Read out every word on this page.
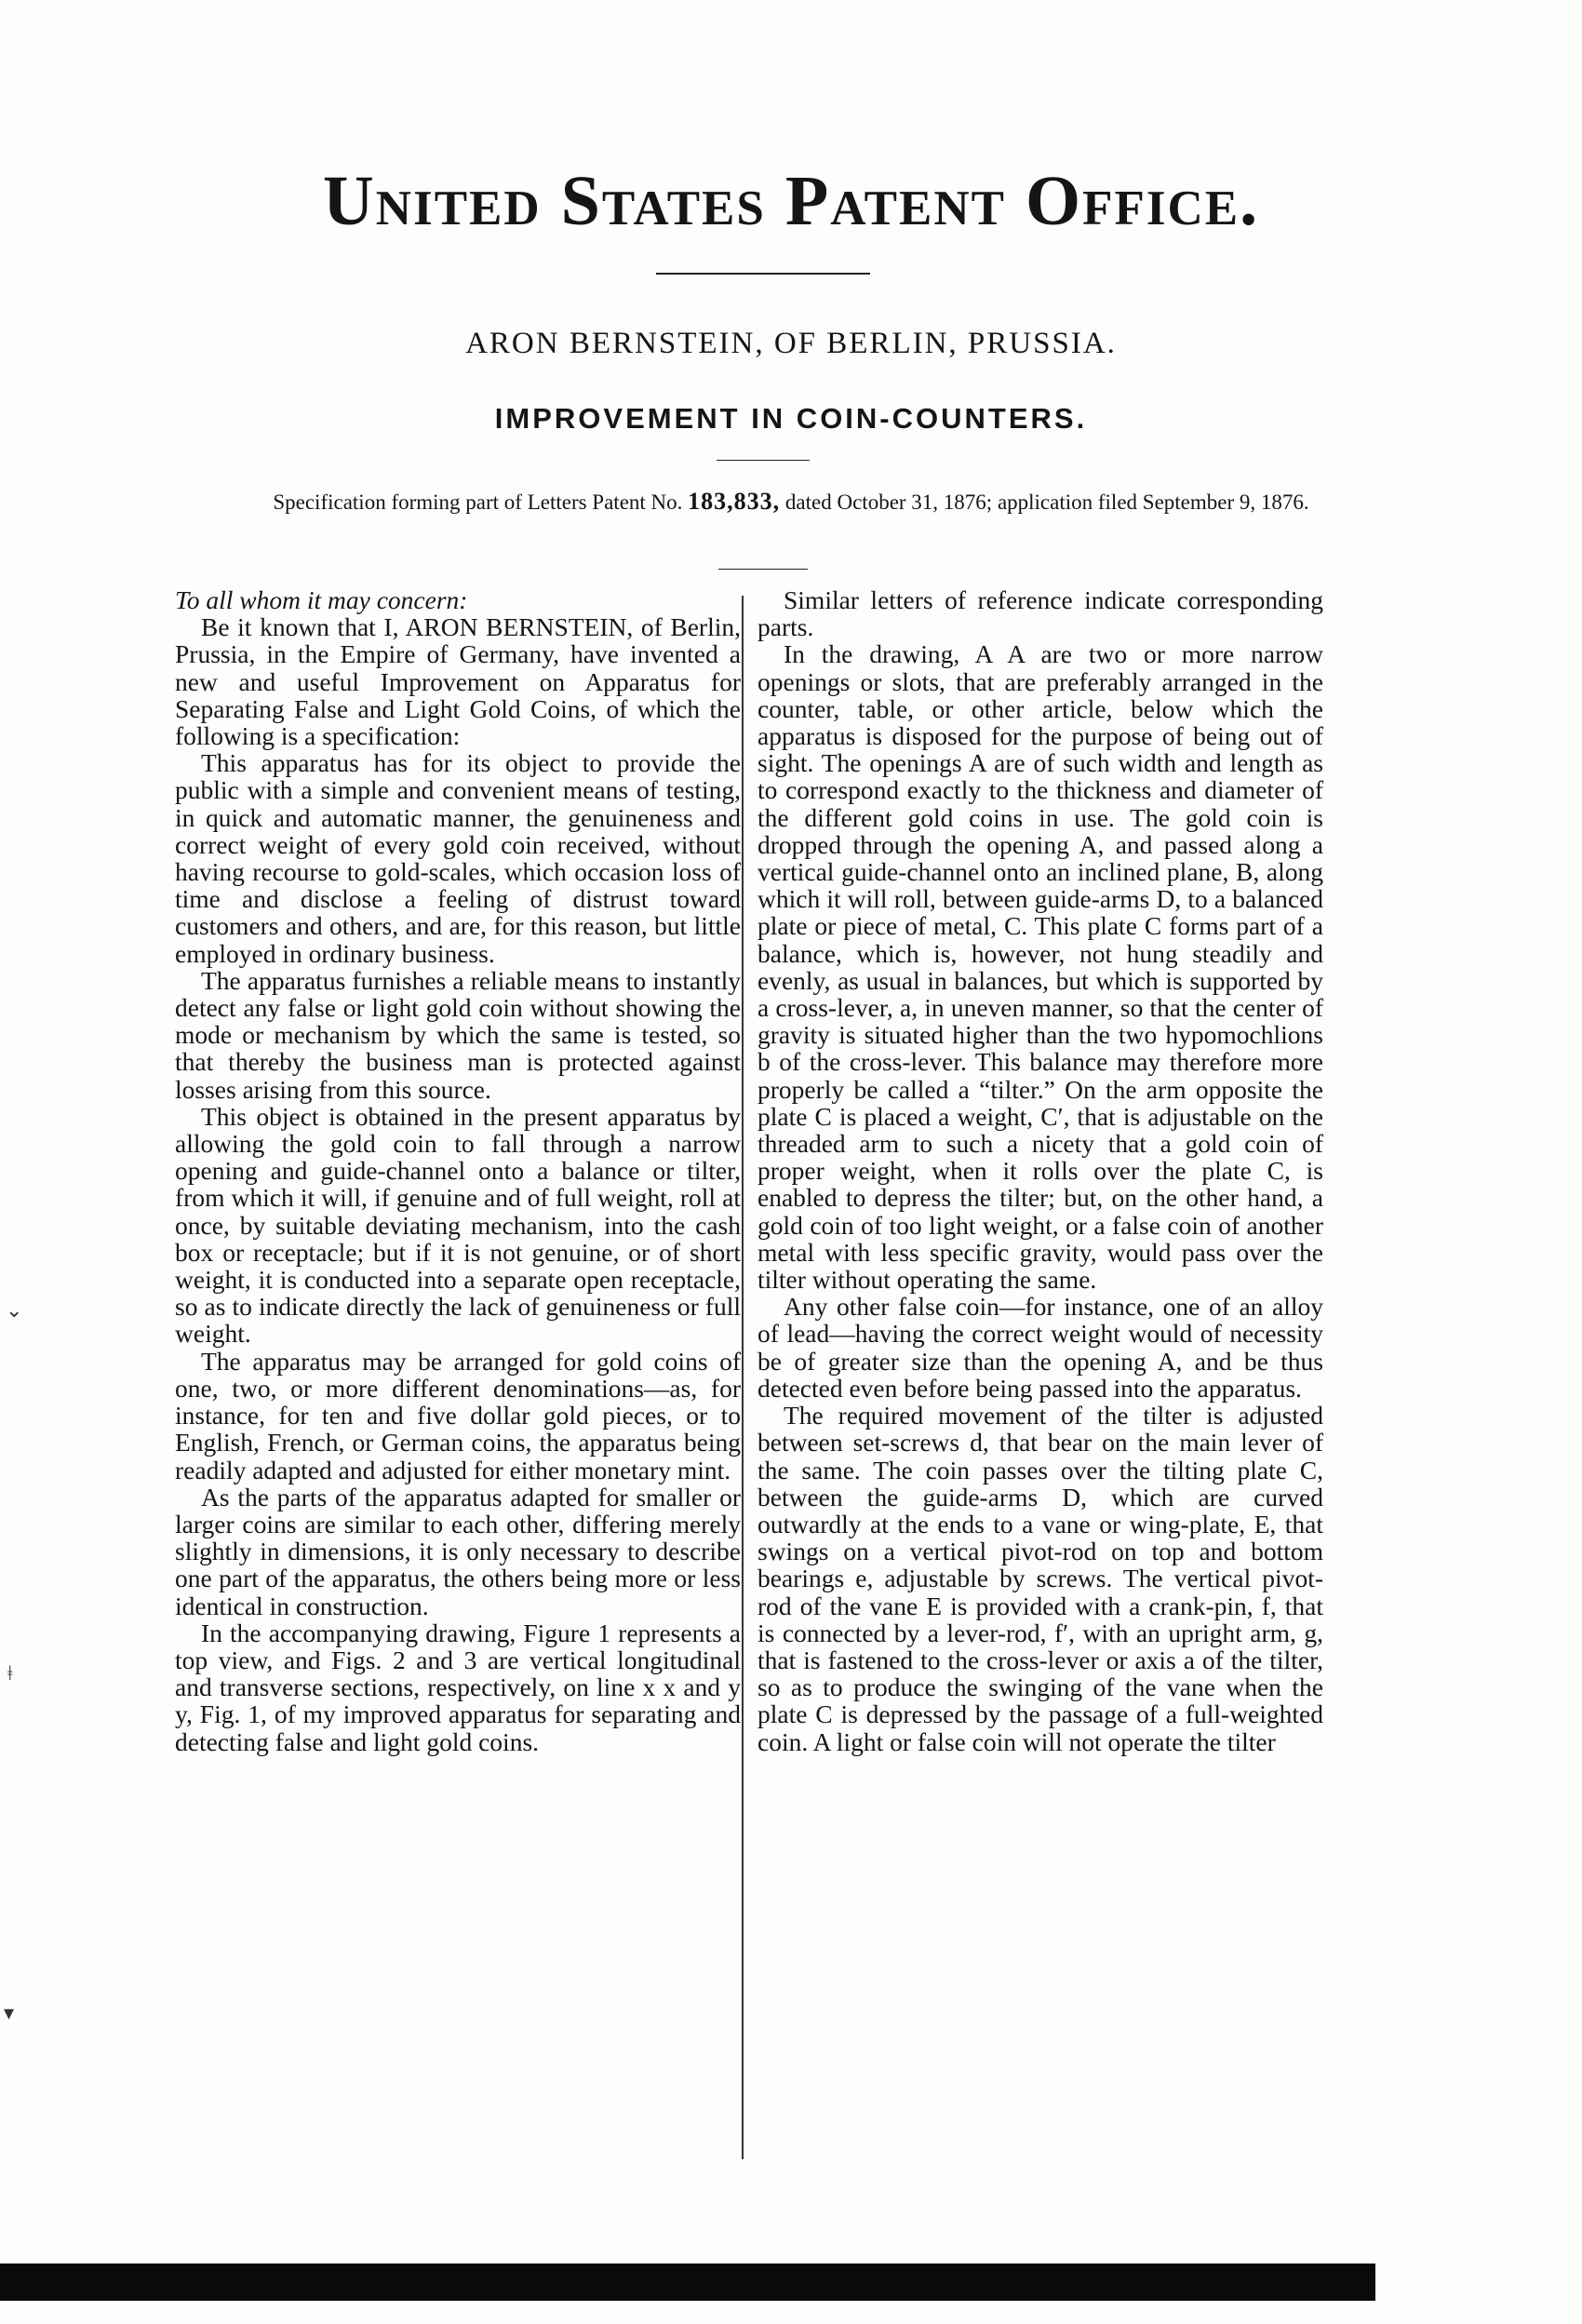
United States Patent Office.
ARON BERNSTEIN, OF BERLIN, PRUSSIA.
IMPROVEMENT IN COIN-COUNTERS.
Specification forming part of Letters Patent No. 183,833, dated October 31, 1876; application filed September 9, 1876.

To all whom it may concern:

Be it known that I, ARON BERNSTEIN, of Berlin, Prussia, in the Empire of Germany, have invented a new and useful Improvement on Apparatus for Separating False and Light Gold Coins, of which the following is a specification:

This apparatus has for its object to provide the public with a simple and convenient means of testing, in quick and automatic manner, the genuineness and correct weight of every gold coin received, without having recourse to gold-scales, which occasion loss of time and disclose a feeling of distrust toward customers and others, and are, for this reason, but little employed in ordinary business.

The apparatus furnishes a reliable means to instantly detect any false or light gold coin without showing the mode or mechanism by which the same is tested, so that thereby the business man is protected against losses arising from this source.

This object is obtained in the present apparatus by allowing the gold coin to fall through a narrow opening and guide-channel onto a balance or tilter, from which it will, if genuine and of full weight, roll at once, by suitable deviating mechanism, into the cash box or receptacle; but if it is not genuine, or of short weight, it is conducted into a separate open receptacle, so as to indicate directly the lack of genuineness or full weight.

The apparatus may be arranged for gold coins of one, two, or more different denominations—as, for instance, for ten and five dollar gold pieces, or to English, French, or German coins, the apparatus being readily adapted and adjusted for either monetary mint.

As the parts of the apparatus adapted for smaller or larger coins are similar to each other, differing merely slightly in dimensions, it is only necessary to describe one part of the apparatus, the others being more or less identical in construction.

In the accompanying drawing, Figure 1 represents a top view, and Figs. 2 and 3 are vertical longitudinal and transverse sections, respectively, on line x x and y y, Fig. 1, of my improved apparatus for separating and detecting false and light gold coins.

Similar letters of reference indicate corresponding parts.

In the drawing, A A are two or more narrow openings or slots, that are preferably arranged in the counter, table, or other article, below which the apparatus is disposed for the purpose of being out of sight. The openings A are of such width and length as to correspond exactly to the thickness and diameter of the different gold coins in use. The gold coin is dropped through the opening A, and passed along a vertical guide-channel onto an inclined plane, B, along which it will roll, between guide-arms D, to a balanced plate or piece of metal, C. This plate C forms part of a balance, which is, however, not hung steadily and evenly, as usual in balances, but which is supported by a cross-lever, a, in uneven manner, so that the center of gravity is situated higher than the two hypomochlions b of the cross-lever. This balance may therefore more properly be called a “tilter.” On the arm opposite the plate C is placed a weight, C′, that is adjustable on the threaded arm to such a nicety that a gold coin of proper weight, when it rolls over the plate C, is enabled to depress the tilter; but, on the other hand, a gold coin of too light weight, or a false coin of another metal with less specific gravity, would pass over the tilter without operating the same.

Any other false coin—for instance, one of an alloy of lead—having the correct weight would of necessity be of greater size than the opening A, and be thus detected even before being passed into the apparatus.

The required movement of the tilter is adjusted between set-screws d, that bear on the main lever of the same. The coin passes over the tilting plate C, between the guide-arms D, which are curved outwardly at the ends to a vane or wing-plate, E, that swings on a vertical pivot-rod on top and bottom bearings e, adjustable by screws. The vertical pivot-rod of the vane E is provided with a crank-pin, f, that is connected by a lever-rod, f′, with an upright arm, g, that is fastened to the cross-lever or axis a of the tilter, so as to produce the swinging of the vane when the plate C is depressed by the passage of a full-weighted coin. A light or false coin will not operate the tilter

⌄
ǂ
▾
